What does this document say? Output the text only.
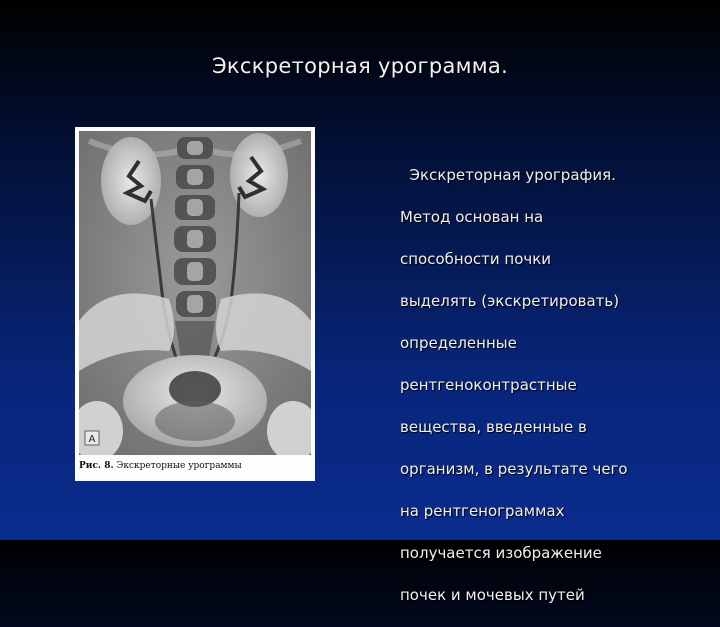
Экскреторная урограмма.
А
Рис. 8. Экскреторные урограммы

Экскреторная урография.

Метод основан на

способности почки

выделять (экскретировать)

определенные

рентгеноконтрастные

вещества, введенные в

организм, в результате чего

на рентгенограммах

получается изображение

почек и мочевых путей
